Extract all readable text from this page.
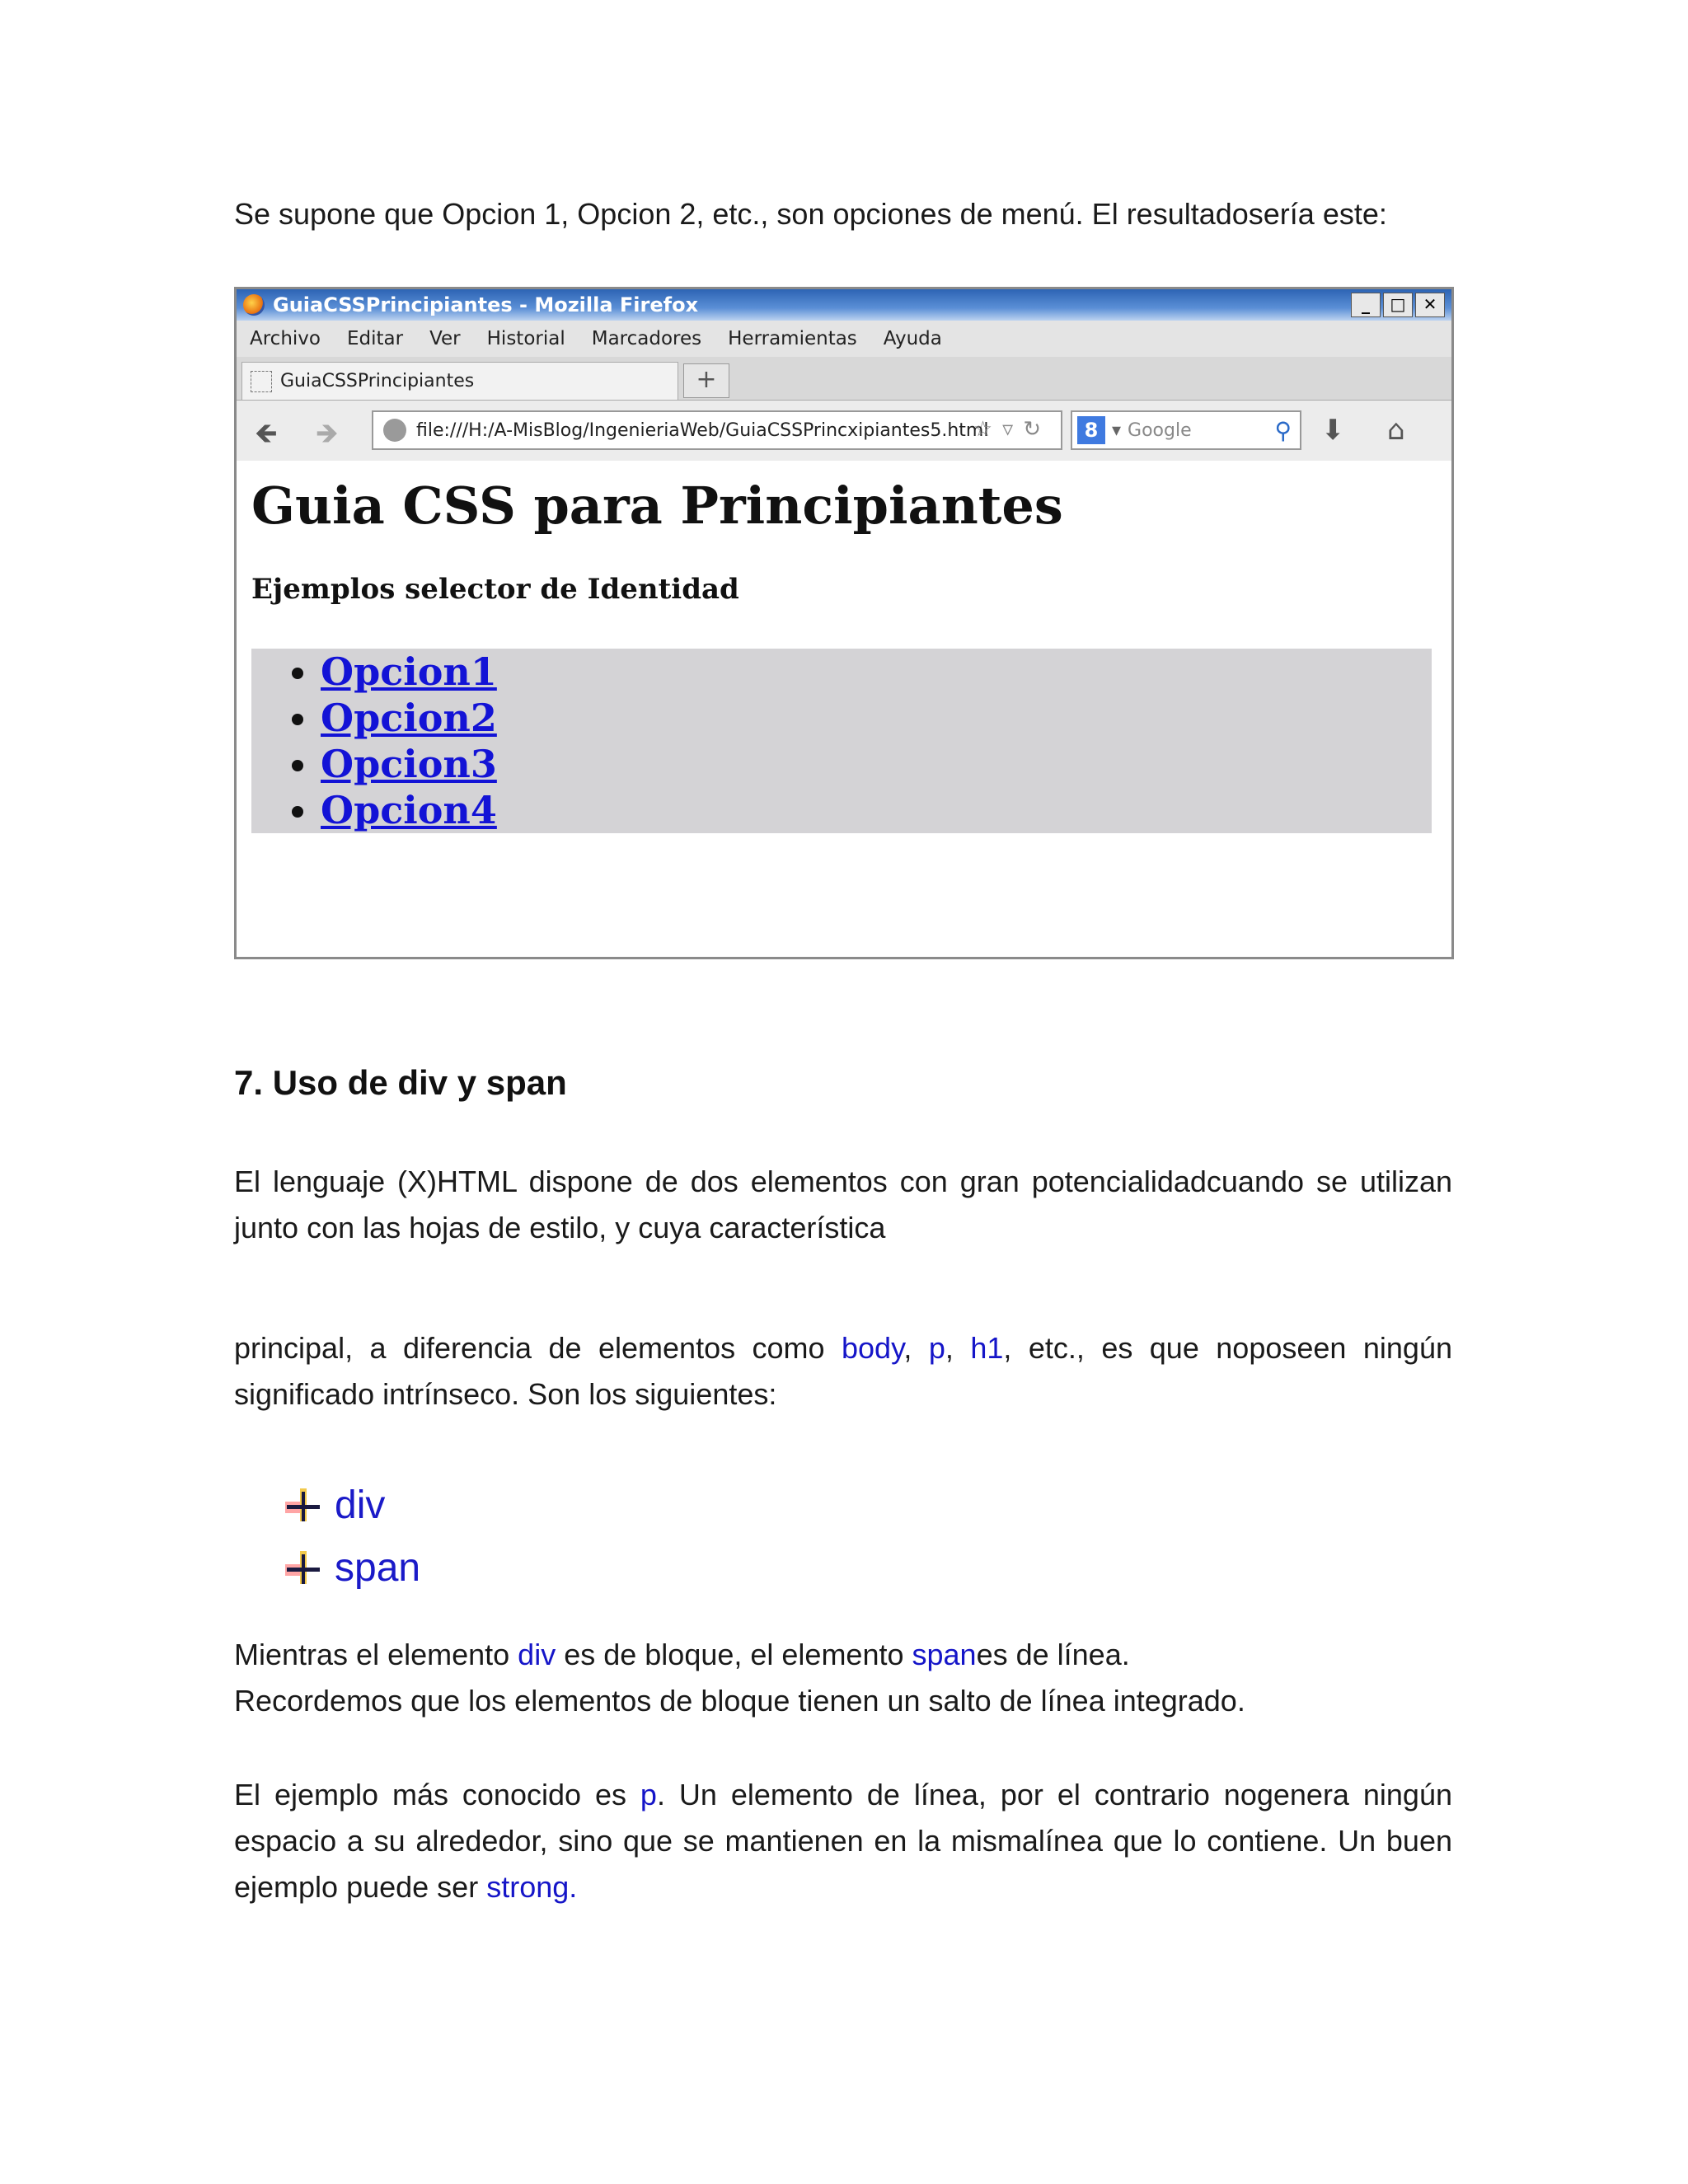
Se supone que Opcion 1, Opcion 2, etc., son opciones de menú. El resultadosería este:
GuiaCSSPrincipiantes - Mozilla Firefox	_	□	✕
Archivo Editar Ver Historial Marcadores Herramientas Ayuda
GuiaCSSPrincipiantes	+
🡸 🡺	file:///H:/A-MisBlog/IngenieriaWeb/GuiaCSSPrincxipiantes5.html
☆▿↻	8 ▾ Google	⚲ ⬇ ⌂
Guia CSS para Principiantes
Ejemplos selector de Identidad
• Opcion1
• Opcion2
• Opcion3
• Opcion4
7. Uso de div y span
El lenguaje (X)HTML dispone de dos elementos con gran potencialidadcuando se utilizan junto con las hojas de estilo, y cuya característica
principal, a diferencia de elementos como body, p, h1, etc., es que noposeen ningún significado intrínseco. Son los siguientes:
div
span
Mientras el elemento div es de bloque, el elemento spanes de línea.
Recordemos que los elementos de bloque tienen un salto de línea integrado.
El ejemplo más conocido es p. Un elemento de línea, por el contrario nogenera ningún espacio a su alrededor, sino que se mantienen en la mismalínea que lo contiene. Un buen ejemplo puede ser strong.
